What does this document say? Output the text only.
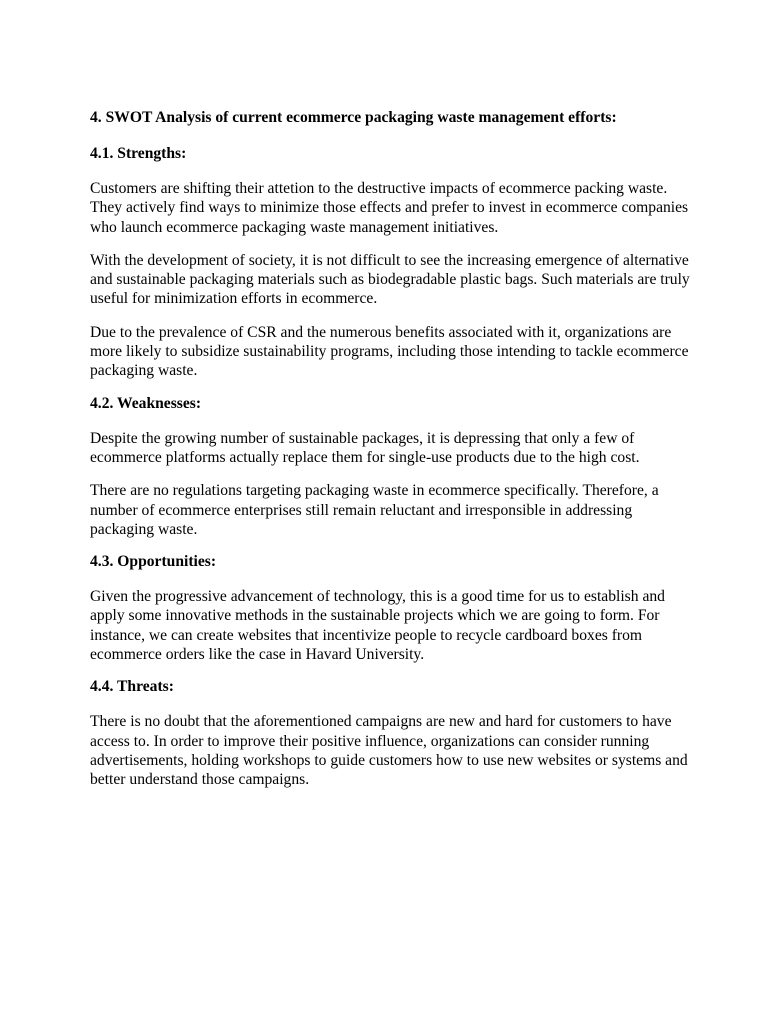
4. SWOT Analysis of current ecommerce packaging waste management efforts:
4.1. Strengths:

Customers are shifting their attetion to the destructive impacts of ecommerce packing waste. They actively find ways to minimize those effects and prefer to invest in ecommerce companies who launch ecommerce packaging waste management initiatives.

With the development of society, it is not difficult to see the increasing emergence of alternative and sustainable packaging materials such as biodegradable plastic bags. Such materials are truly useful for minimization efforts in ecommerce.

Due to the prevalence of CSR and the numerous benefits associated with it, organizations are more likely to subsidize sustainability programs, including those intending to tackle ecommerce packaging waste.

4.2. Weaknesses:

Despite the growing number of sustainable packages, it is depressing that only a few of ecommerce platforms actually replace them for single-use products due to the high cost.

There are no regulations targeting packaging waste in ecommerce specifically. Therefore, a number of ecommerce enterprises still remain reluctant and irresponsible in addressing packaging waste.

4.3. Opportunities:

Given the progressive advancement of technology, this is a good time for us to establish and apply some innovative methods in the sustainable projects which we are going to form. For instance, we can create websites that incentivize people to recycle cardboard boxes from ecommerce orders like the case in Havard University.

4.4. Threats:

There is no doubt that the aforementioned campaigns are new and hard for customers to have access to. In order to improve their positive influence, organizations can consider running advertisements, holding workshops to guide customers how to use new websites or systems and better understand those campaigns.
